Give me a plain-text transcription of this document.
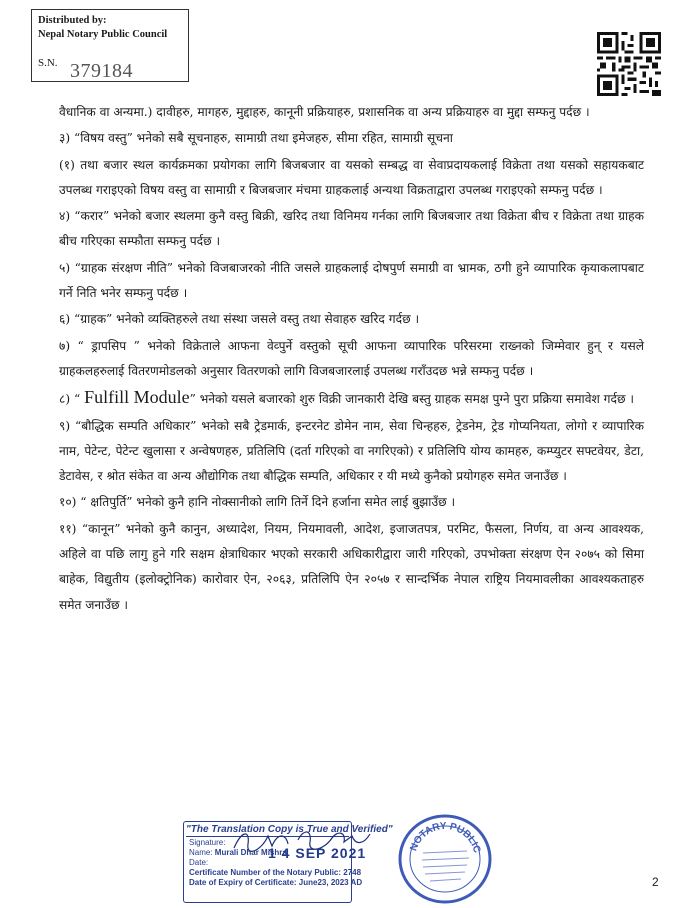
Distributed by:
Nepal Notary Public Council
S.N. 379184

वैधानिक वा अन्यमा.) दावीहरु, मागहरु, मुद्दाहरु, कानूनी प्रक्रियाहरु, प्रशासनिक वा अन्य प्रक्रियाहरु वा मुद्दा सम्फनु पर्दछ ।

३) “विषय वस्तु” भनेको सबै सूचनाहरु, सामाग्री तथा इमेजहरु, सीमा रहित, सामाग्री सूचना

(१) तथा बजार स्थल कार्यक्रमका प्रयोगका लागि बिजबजार वा यसको सम्बद्ध वा सेवाप्रदायकलाई विक्रेता तथा यसको सहायकबाट उपलब्ध गराइएको विषय वस्तु वा सामाग्री र बिजबजार मंचमा ग्राहकलाई अन्यथा विक्रताद्वारा उपलब्ध गराइएको सम्फनु पर्दछ ।

४) “करार” भनेको बजार स्थलमा कुनै वस्तु बिक्री, खरिद तथा विनिमय गर्नका लागि बिजबजार तथा विक्रेता बीच र विक्रेता तथा ग्राहक बीच गरिएका सम्फौता सम्फनु पर्दछ ।

५) “ग्राहक संरक्षण नीति” भनेको विजबाजरको नीति जसले ग्राहकलाई दोषपुर्ण समाग्री वा भ्रामक, ठगी हुने व्यापारिक कृयाकलापबाट गर्ने निति भनेर सम्फनु पर्दछ ।

६) “ग्राहक” भनेको व्यक्तिहरुले तथा संस्था जसले वस्तु तथा सेवाहरु खरिद गर्दछ ।

७) “ ड्रापसिप ” भनेको विक्रेताले आफना वेव्पुर्ने वस्तुको सूची आफना व्यापारिक परिसरमा राख्नको जिम्मेवार हुन् र यसले ग्राहकलहरुलाई वितरणमोडलको अनुसार वितरणको लागि विजबजारलाई उपलब्ध गराँउदछ भन्ने सम्फनु पर्दछ ।

८) “ Fulfill Module” भनेको यसले बजारको शुरु विक्री जानकारी देखि बस्तु ग्राहक समक्ष पुग्ने पुरा प्रक्रिया समावेश गर्दछ ।

९) “बौद्धिक सम्पति अधिकार” भनेको सबै ट्रेडमार्क, इन्टरनेट डोमेन नाम, सेवा चिन्हहरु, ट्रेडनेम, ट्रेड गोप्यनियता, लोगो र व्यापारिक नाम, पेटेन्ट, पेटेन्ट खुलासा र अन्वेषणहरु, प्रतिलिपि (दर्ता गरिएको वा नगरिएको) र प्रतिलिपि योग्य कामहरु, कम्प्युटर सफ्टवेयर, डेटा, डेटावेस, र श्रोत संकेत वा अन्य औद्योगिक तथा बौद्धिक सम्पति, अधिकार र यी मध्ये कुनैको प्रयोगहरु समेत जनाउँछ ।

१०) “ क्षतिपुर्ति” भनेको कुनै हानि नोक्सानीको लागि तिर्ने दिने हर्जाना समेत लाई बुझाउँछ ।

११) “कानून” भनेको कुनै कानुन, अध्यादेश, नियम, नियमावली, आदेश, इजाजतपत्र, परमिट, फैसला, निर्णय, वा अन्य आवश्यक, अहिले वा पछि लागु हुने गरि सक्षम क्षेत्राधिकार भएको सरकारी अधिकारीद्वारा जारी गरिएको, उपभोक्ता संरक्षण ऐन २०७५ को सिमा बाहेक, विद्युतीय (इलोक्ट्रोनिक) कारोवार ऐन, २०६३, प्रतिलिपि ऐन २०५७ र सान्दर्भिक नेपाल राष्ट्रिय नियमावलीका आवश्यकताहरु समेत जनाउँछ ।

"The Translation Copy is True and Verified"
Signature:
Name: Murali Dhar Mishra
Date:
Certificate Number of the Notary Public: 2748
Date of Expiry of Certificate: June23, 2023 AD
1 4 SEP 2021	NOTARY PUBLIC
2
